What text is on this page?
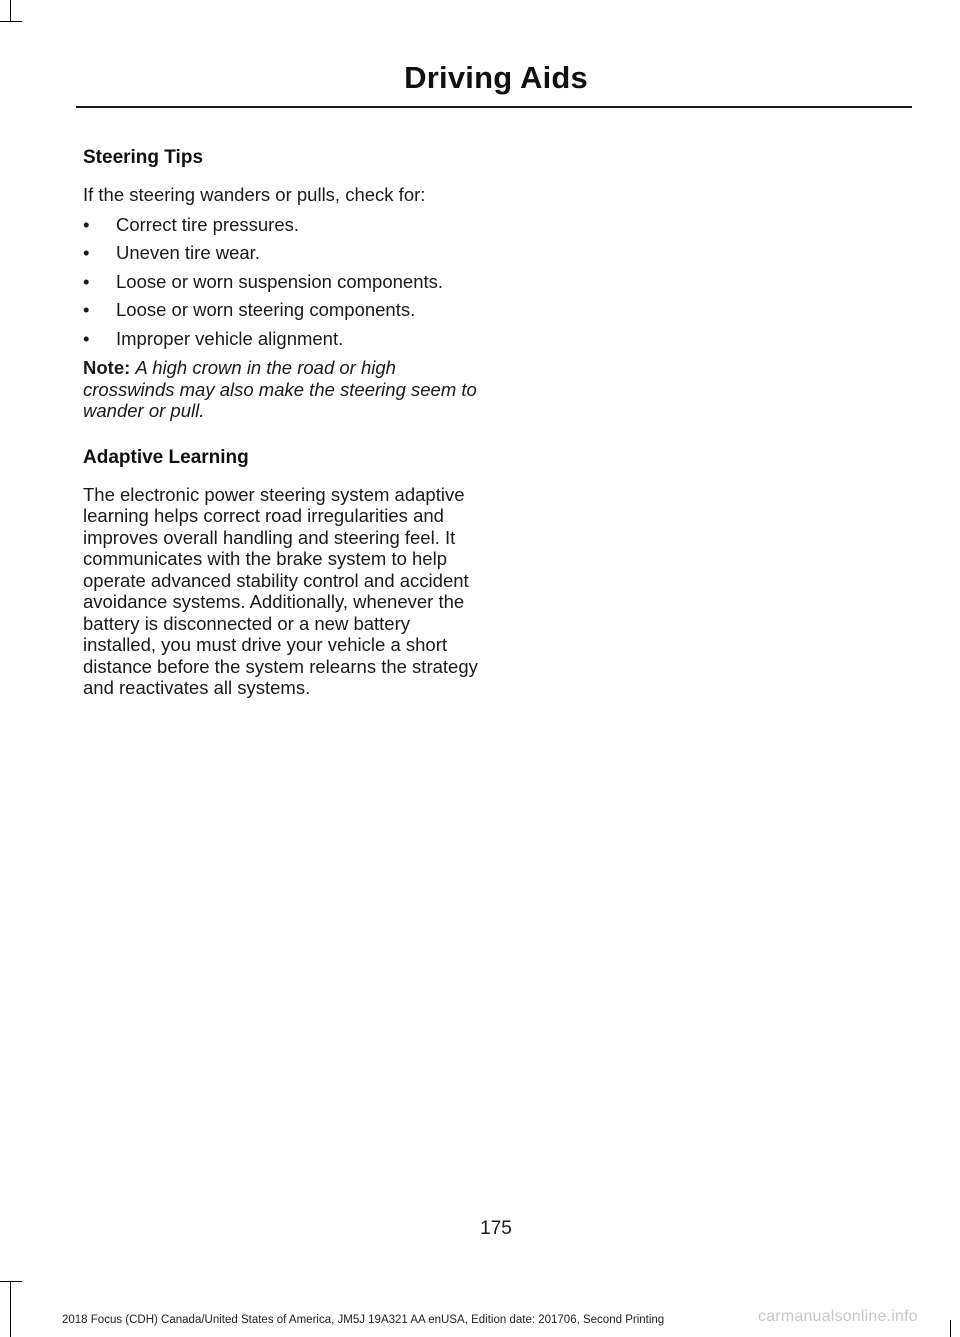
Driving Aids
Steering Tips

If the steering wanders or pulls, check for:

•	Correct tire pressures.
•	Uneven tire wear.
•	Loose or worn suspension components.
•	Loose or worn steering components.
•	Improper vehicle alignment.

Note: A high crown in the road or high crosswinds may also make the steering seem to wander or pull.

Adaptive Learning

The electronic power steering system adaptive learning helps correct road irregularities and improves overall handling and steering feel. It communicates with the brake system to help operate advanced stability control and accident avoidance systems. Additionally, whenever the battery is disconnected or a new battery installed, you must drive your vehicle a short distance before the system relearns the strategy and reactivates all systems.

175
2018 Focus (CDH) Canada/United States of America, JM5J 19A321 AA enUSA, Edition date: 201706, Second Printing	carmanualsonline.info
